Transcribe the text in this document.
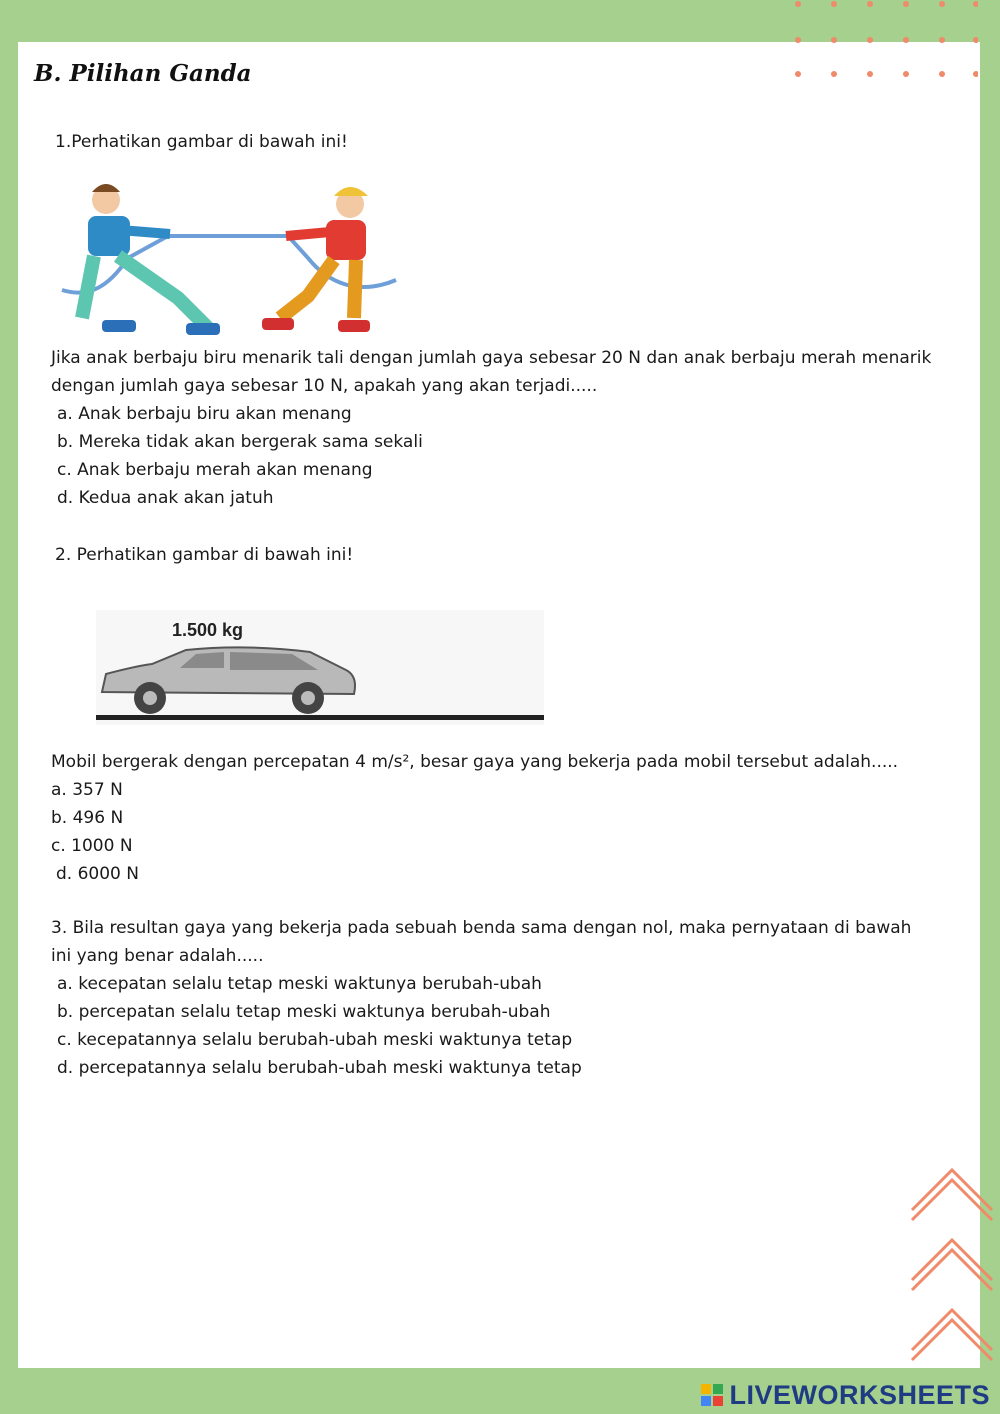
B. Pilihan Ganda
1.Perhatikan gambar di bawah ini!
Jika anak berbaju biru menarik tali dengan jumlah gaya sebesar 20 N dan anak berbaju merah menarik
dengan jumlah gaya sebesar 10 N, apakah yang akan terjadi.....
a. Anak berbaju biru akan menang
b. Mereka tidak akan bergerak sama sekali
c. Anak berbaju merah akan menang
d. Kedua anak akan jatuh
2. Perhatikan gambar di bawah ini!
1.500 kg
Mobil bergerak dengan percepatan 4 m/s², besar gaya yang bekerja pada mobil tersebut adalah.....
a. 357 N
b. 496 N
c. 1000 N
d. 6000 N
3. Bila resultan gaya yang bekerja pada sebuah benda sama dengan nol, maka pernyataan di bawah
ini yang benar adalah.....
a. kecepatan selalu tetap meski waktunya berubah-ubah
b. percepatan selalu tetap meski waktunya berubah-ubah
c. kecepatannya selalu berubah-ubah meski waktunya tetap
d. percepatannya selalu berubah-ubah meski waktunya tetap
LIVEWORKSHEETS
